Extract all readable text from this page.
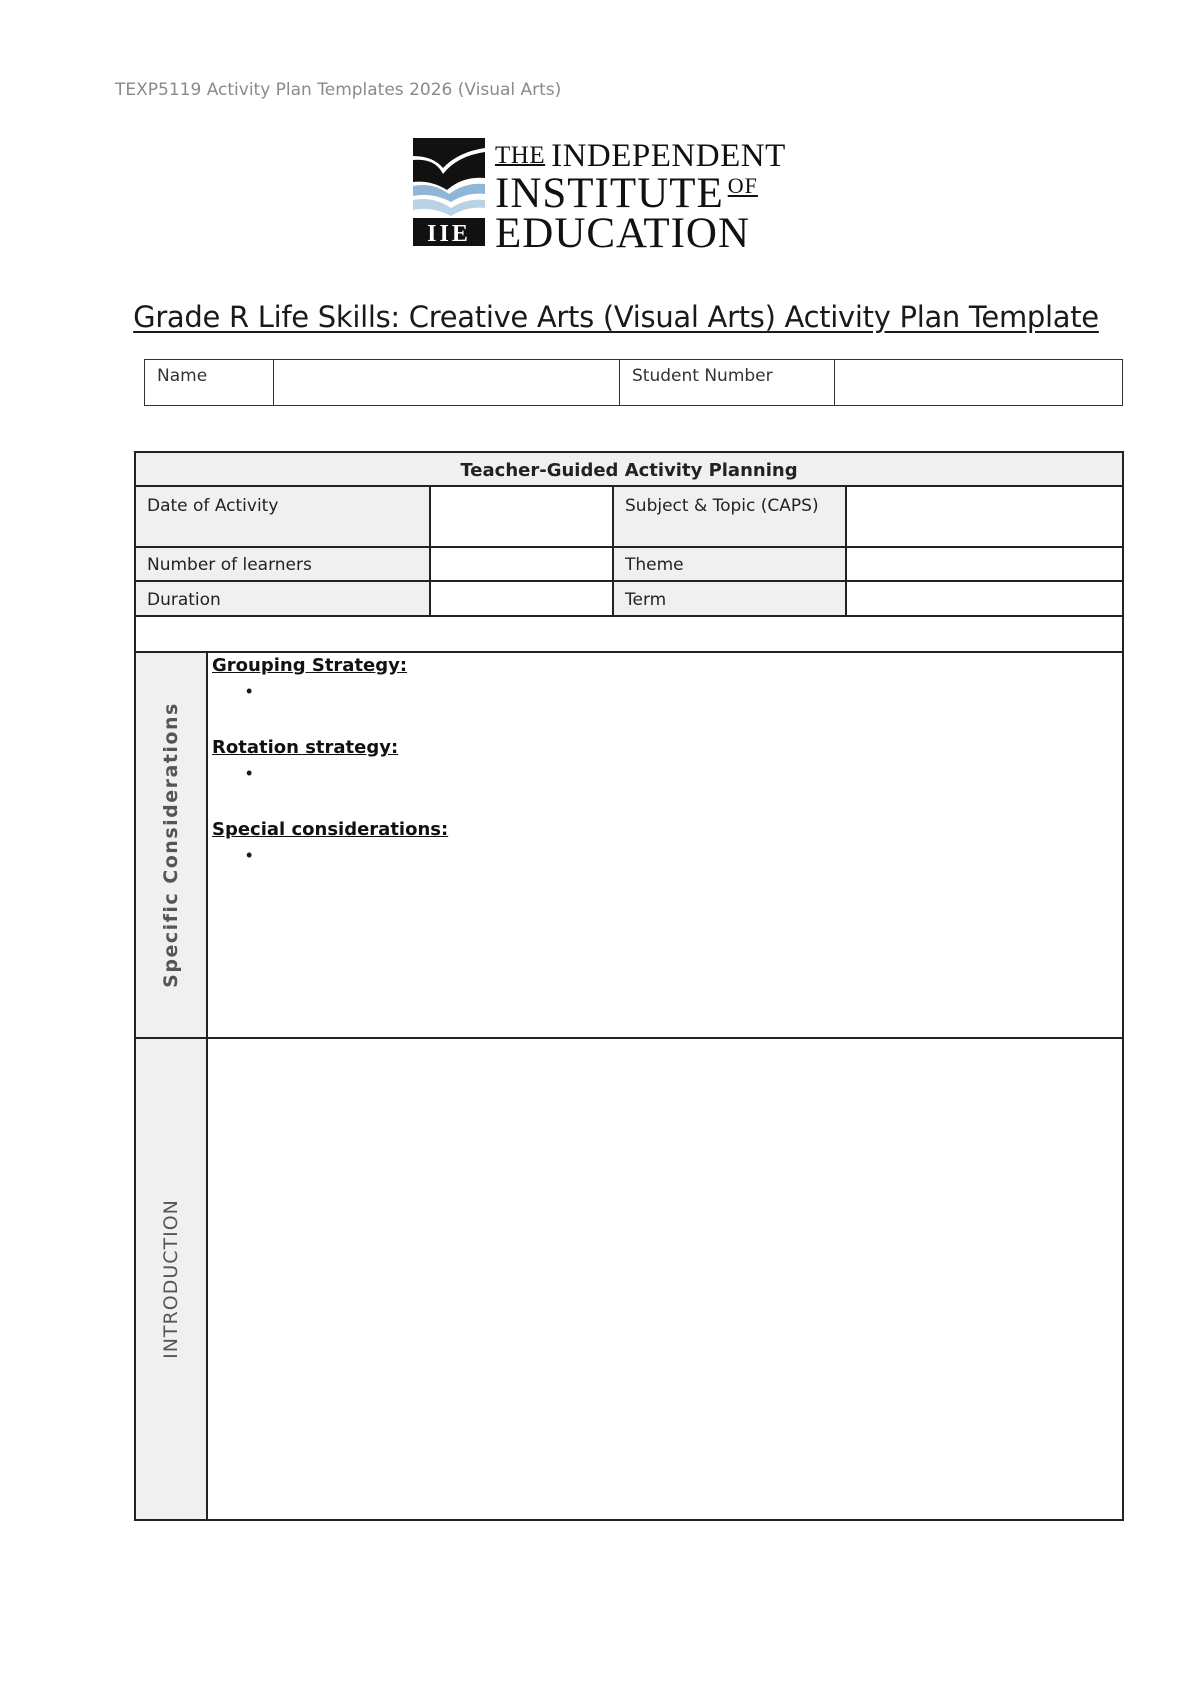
TEXP5119 Activity Plan Templates 2026 (Visual Arts)
IIE
THE INDEPENDENT
INSTITUTE $^{OF}$
EDUCATION
Grade R Life Skills: Creative Arts (Visual Arts) Activity Plan Template
Name		Student Number	
Teacher-Guided Activity Planning
Date of Activity	Subject & Topic (CAPS)
Number of learners	Theme
Duration	Term
Specific Considerations
Grouping Strategy:
•
Rotation strategy:
•
Special considerations:
•
INTRODUCTION
